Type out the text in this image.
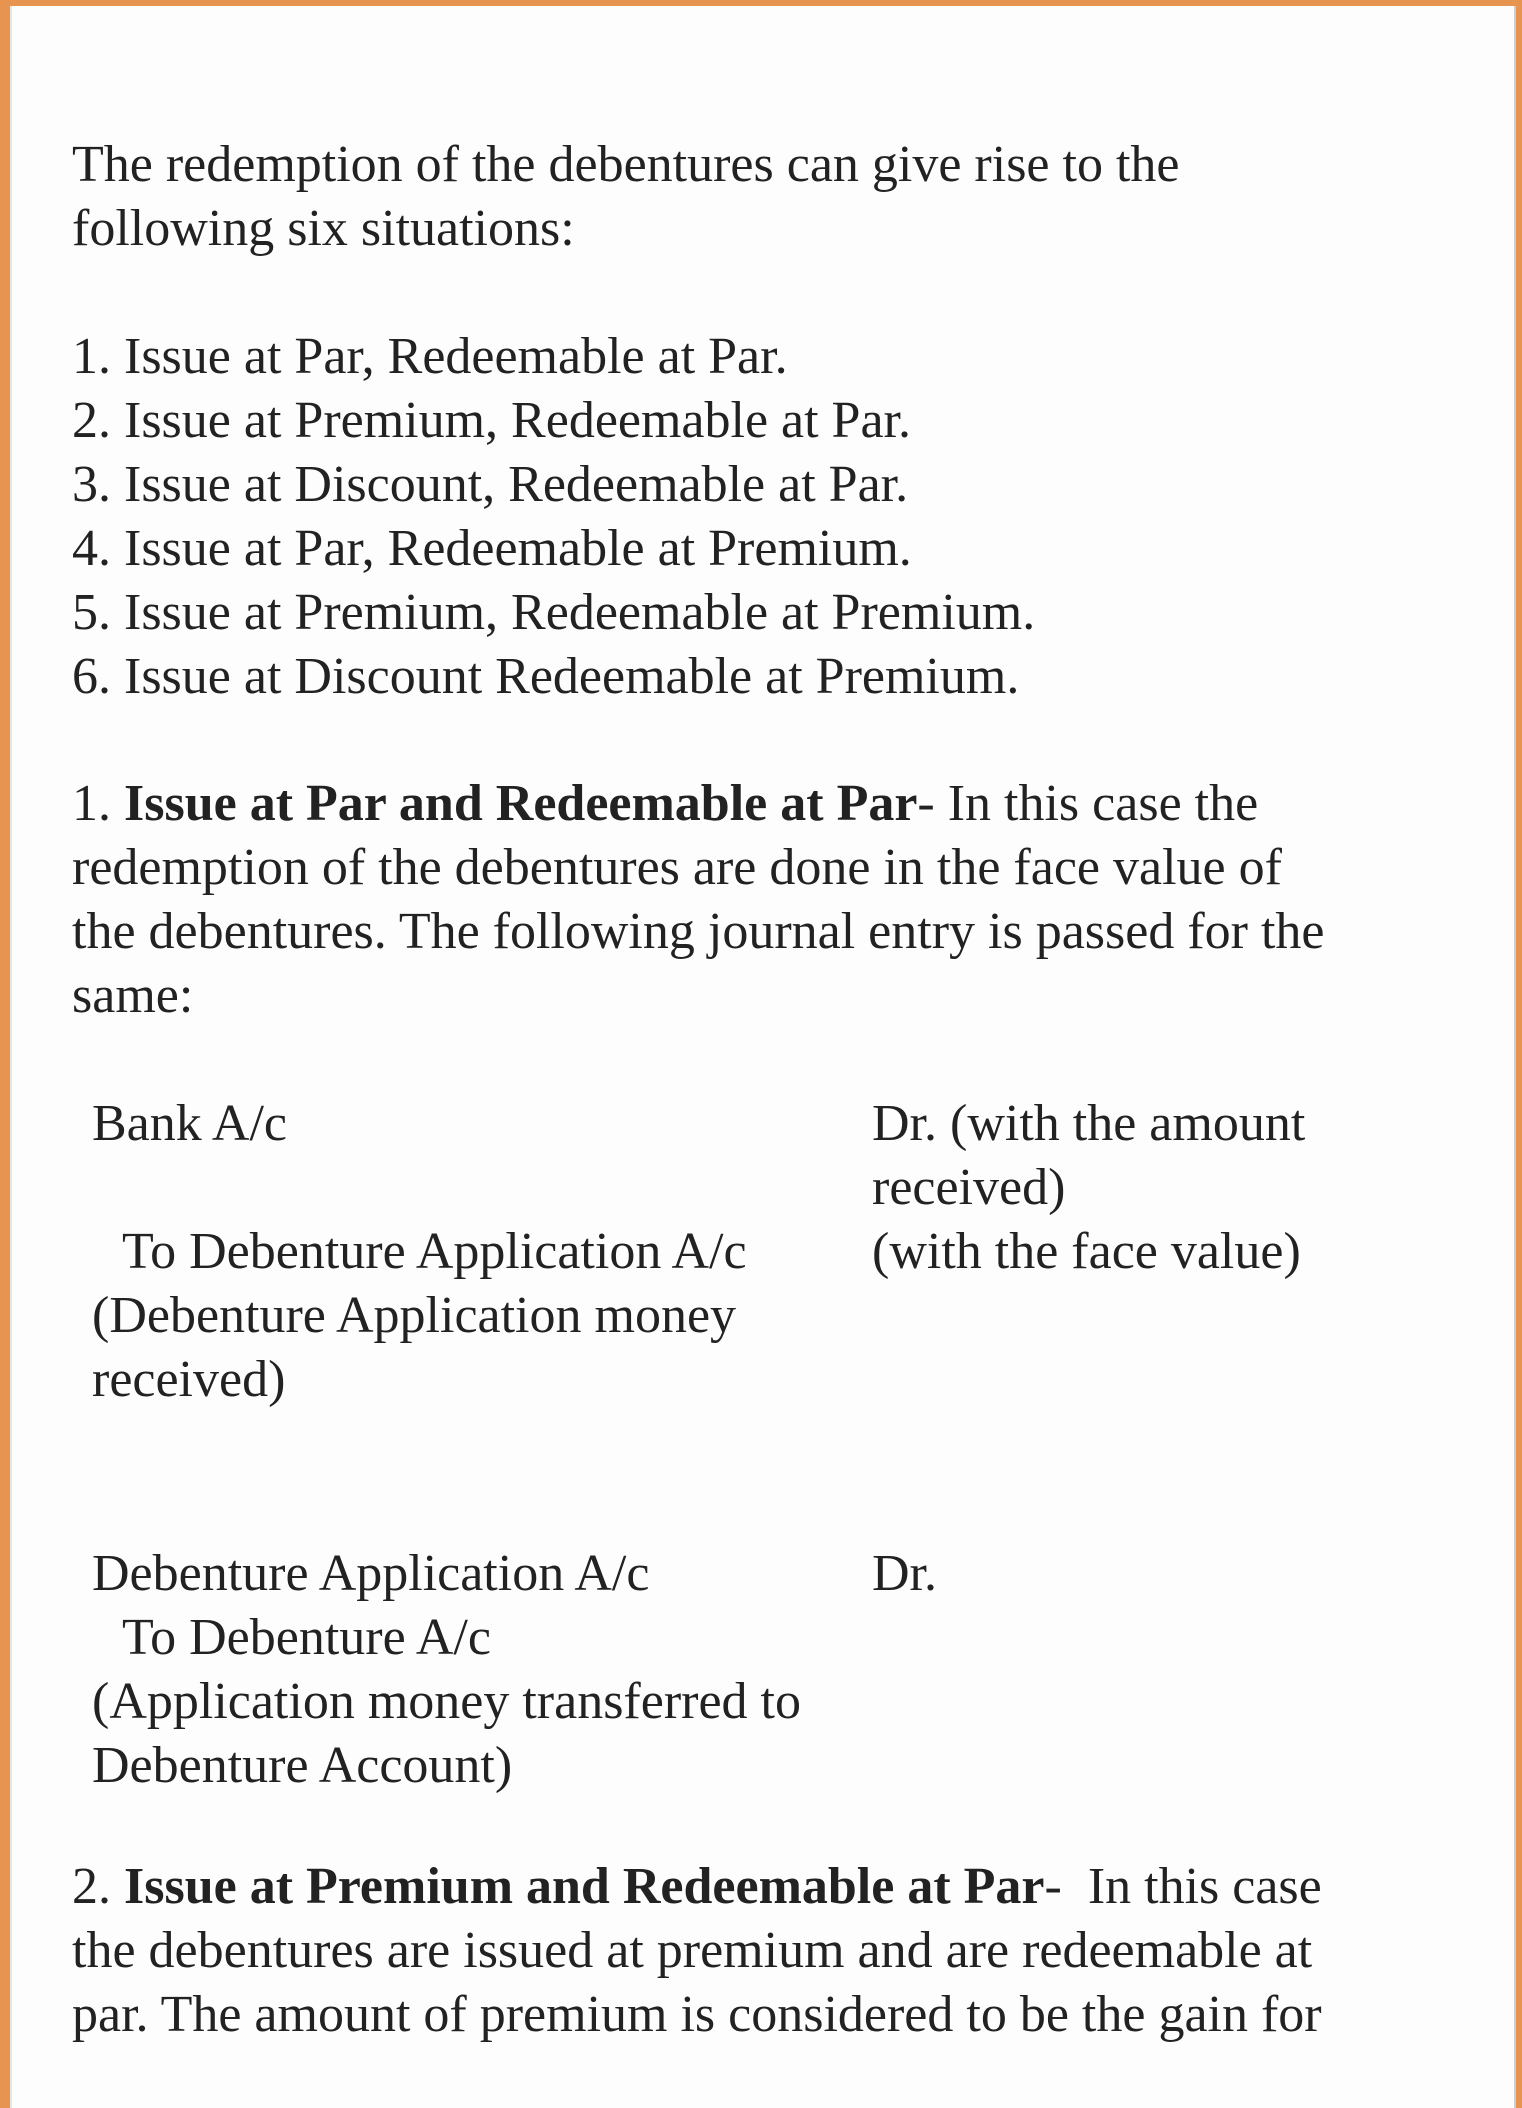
The redemption of the debentures can give rise to the
following six situations:
1. Issue at Par, Redeemable at Par.
2. Issue at Premium, Redeemable at Par.
3. Issue at Discount, Redeemable at Par.
4. Issue at Par, Redeemable at Premium.
5. Issue at Premium, Redeemable at Premium.
6. Issue at Discount Redeemable at Premium.
1. Issue at Par and Redeemable at Par- In this case the
redemption of the debentures are done in the face value of
the debentures. The following journal entry is passed for the
same:
Bank A/c	Dr. (with the amount
received)
To Debenture Application A/c	(with the face value)
(Debenture Application money
received)
Debenture Application A/c	Dr.
To Debenture A/c
(Application money transferred to
Debenture Account)
2. Issue at Premium and Redeemable at Par-  In this case
the debentures are issued at premium and are redeemable at
par. The amount of premium is considered to be the gain for
